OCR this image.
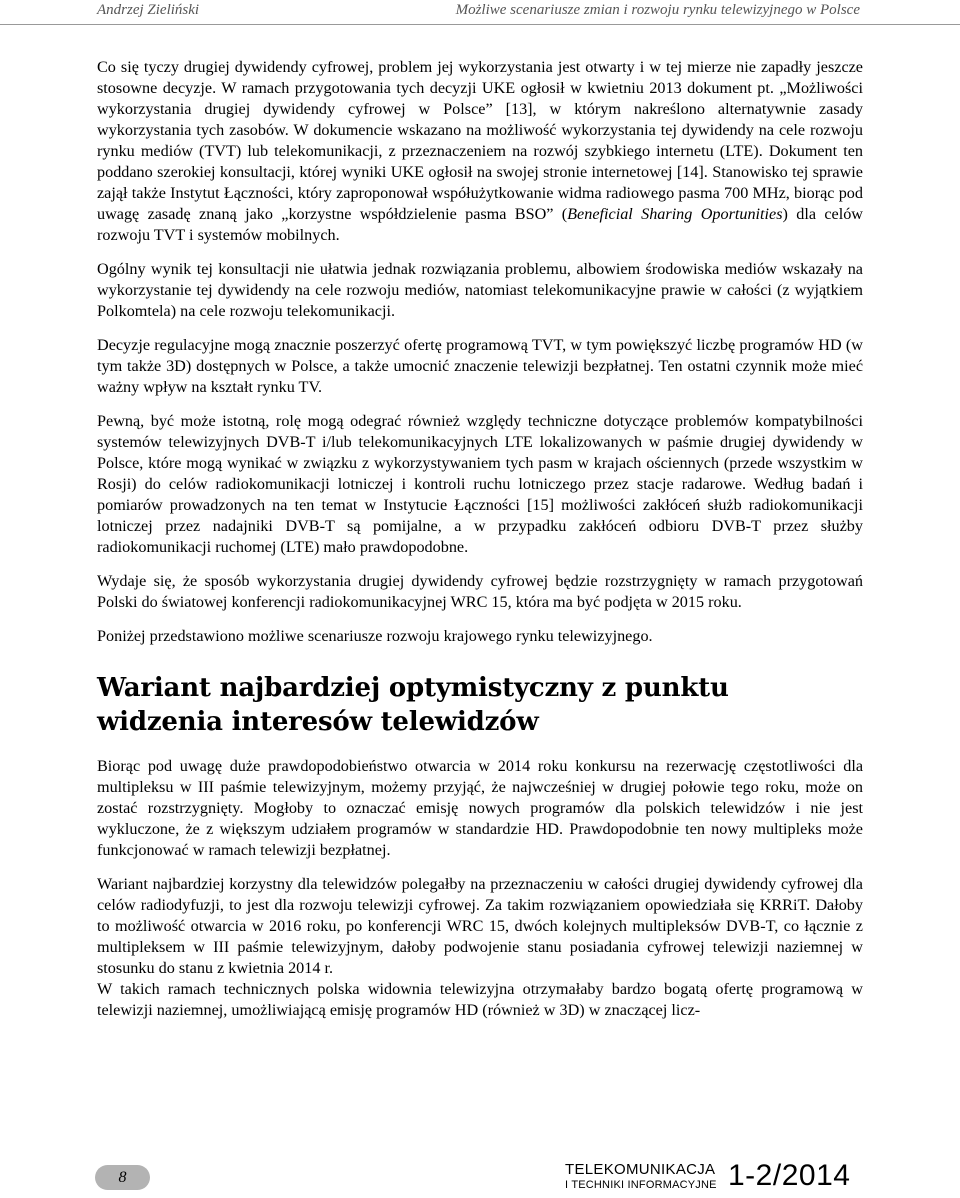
Andrzej Zieliński	Możliwe scenariusze zmian i rozwoju rynku telewizyjnego w Polsce

Co się tyczy drugiej dywidendy cyfrowej, problem jej wykorzystania jest otwarty i w tej mierze nie zapadły jeszcze stosowne decyzje. W ramach przygotowania tych decyzji UKE ogłosił w kwietniu 2013 dokument pt. „Możliwości wykorzystania drugiej dywidendy cyfrowej w Polsce” [13], w którym nakreślono alternatywnie zasady wykorzystania tych zasobów. W dokumencie wskazano na możliwość wykorzystania tej dywidendy na cele rozwoju rynku mediów (TVT) lub telekomunikacji, z przeznaczeniem na rozwój szybkiego internetu (LTE). Dokument ten poddano szerokiej konsultacji, której wyniki UKE ogłosił na swojej stronie internetowej [14]. Stanowisko tej sprawie zajął także Instytut Łączności, który zaproponował współużytkowanie widma radiowego pasma 700 MHz, biorąc pod uwagę zasadę znaną jako „korzystne współdzielenie pasma BSO” (Beneficial Sharing Oportunities) dla celów rozwoju TVT i systemów mobilnych.

Ogólny wynik tej konsultacji nie ułatwia jednak rozwiązania problemu, albowiem środowiska mediów wskazały na wykorzystanie tej dywidendy na cele rozwoju mediów, natomiast telekomunikacyjne prawie w całości (z wyjątkiem Polkomtela) na cele rozwoju telekomunikacji.

Decyzje regulacyjne mogą znacznie poszerzyć ofertę programową TVT, w tym powiększyć liczbę programów HD (w tym także 3D) dostępnych w Polsce, a także umocnić znaczenie telewizji bezpłatnej. Ten ostatni czynnik może mieć ważny wpływ na kształt rynku TV.

Pewną, być może istotną, rolę mogą odegrać również względy techniczne dotyczące problemów kompatybilności systemów telewizyjnych DVB-T i/lub telekomunikacyjnych LTE lokalizowanych w paśmie drugiej dywidendy w Polsce, które mogą wynikać w związku z wykorzystywaniem tych pasm w krajach ościennych (przede wszystkim w Rosji) do celów radiokomunikacji lotniczej i kontroli ruchu lotniczego przez stacje radarowe. Według badań i pomiarów prowadzonych na ten temat w Instytucie Łączności [15] możliwości zakłóceń służb radiokomunikacji lotniczej przez nadajniki DVB-T są pomijalne, a w przypadku zakłóceń odbioru DVB-T przez służby radiokomunikacji ruchomej (LTE) mało prawdopodobne.

Wydaje się, że sposób wykorzystania drugiej dywidendy cyfrowej będzie rozstrzygnięty w ramach przygotowań Polski do światowej konferencji radiokomunikacyjnej WRC 15, która ma być podjęta w 2015 roku.

Poniżej przedstawiono możliwe scenariusze rozwoju krajowego rynku telewizyjnego.

Wariant najbardziej optymistyczny z punktu widzenia interesów telewidzów

Biorąc pod uwagę duże prawdopodobieństwo otwarcia w 2014 roku konkursu na rezerwację częstotliwości dla multipleksu w III paśmie telewizyjnym, możemy przyjąć, że najwcześniej w drugiej połowie tego roku, może on zostać rozstrzygnięty. Mogłoby to oznaczać emisję nowych programów dla polskich telewidzów i nie jest wykluczone, że z większym udziałem programów w standardzie HD. Prawdopodobnie ten nowy multipleks może funkcjonować w ramach telewizji bezpłatnej.

Wariant najbardziej korzystny dla telewidzów polegałby na przeznaczeniu w całości drugiej dywidendy cyfrowej dla celów radiodyfuzji, to jest dla rozwoju telewizji cyfrowej. Za takim rozwiązaniem opowiedziała się KRRiT. Dałoby to możliwość otwarcia w 2016 roku, po konferencji WRC 15, dwóch kolejnych multipleksów DVB-T, co łącznie z multipleksem w III paśmie telewizyjnym, dałoby podwojenie stanu posiadania cyfrowej telewizji naziemnej w stosunku do stanu z kwietnia 2014 r.

W takich ramach technicznych polska widownia telewizyjna otrzymałaby bardzo bogatą ofertę programową w telewizji naziemnej, umożliwiającą emisję programów HD (również w 3D) w znaczącej licz-

8	TELEKOMUNIKACJA
I TECHNIKI INFORMACYJNE 1-2/2014
